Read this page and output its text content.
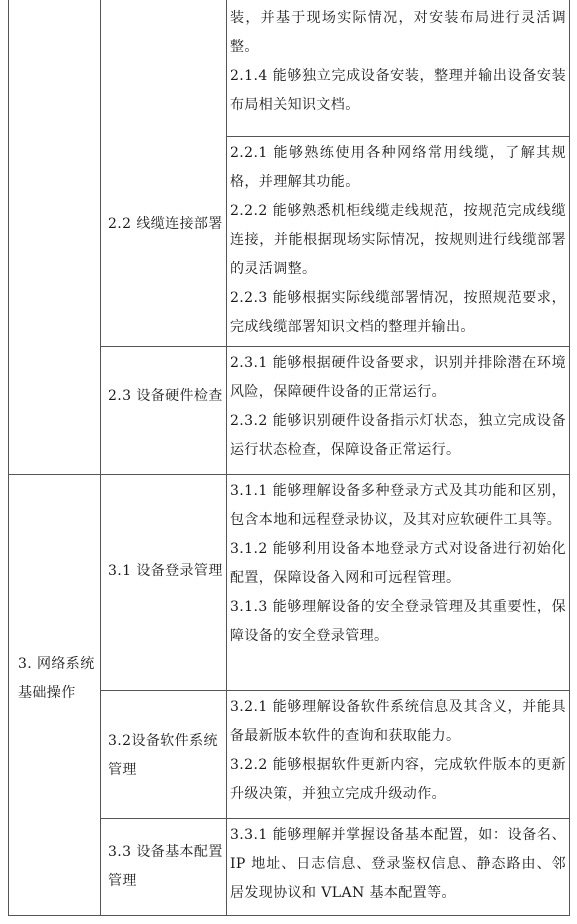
装，并基于现场实际情况，对安装布局进行灵活调整。
2.1.4 能够独立完成设备安装，整理并输出设备安装布局相关知识文档。
2.2 线缆连接部署
2.2.1 能够熟练使用各种网络常用线缆，了解其规格，并理解其功能。
2.2.2 能够熟悉机柜线缆走线规范，按规范完成线缆连接，并能根据现场实际情况，按规则进行线缆部署的灵活调整。
2.2.3 能够根据实际线缆部署情况，按照规范要求，完成线缆部署知识文档的整理并输出。
2.3 设备硬件检查
2.3.1 能够根据硬件设备要求，识别并排除潜在环境风险，保障硬件设备的正常运行。
2.3.2 能够识别硬件设备指示灯状态，独立完成设备运行状态检查，保障设备正常运行。
3. 网络系统基础操作
3.1 设备登录管理
3.1.1 能够理解设备多种登录方式及其功能和区别，包含本地和远程登录协议，及其对应软硬件工具等。
3.1.2 能够利用设备本地登录方式对设备进行初始化配置，保障设备入网和可远程管理。
3.1.3 能够理解设备的安全登录管理及其重要性，保障设备的安全登录管理。
3.2设备软件系统管理
3.2.1 能够理解设备软件系统信息及其含义，并能具备最新版本软件的查询和获取能力。
3.2.2 能够根据软件更新内容，完成软件版本的更新升级决策，并独立完成升级动作。
3.3 设备基本配置管理
3.3.1 能够理解并掌握设备基本配置，如：设备名、IP 地址、日志信息、登录鉴权信息、静态路由、邻居发现协议和 VLAN 基本配置等。
